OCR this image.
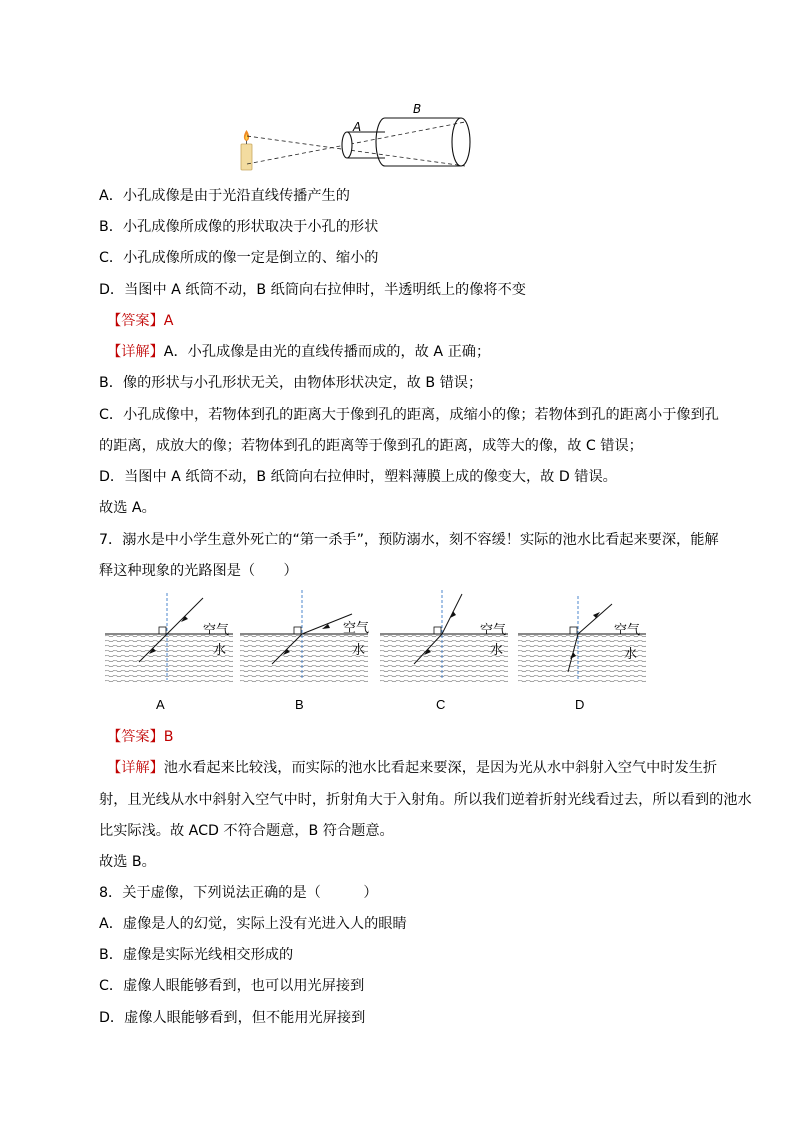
A
B
A．小孔成像是由于光沿直线传播产生的
B．小孔成像所成像的形状取决于小孔的形状
C．小孔成像所成的像一定是倒立的、缩小的
D．当图中 A 纸筒不动，B 纸筒向右拉伸时，半透明纸上的像将不变
【答案】A
【详解】A．小孔成像是由光的直线传播而成的，故 A 正确；
B．像的形状与小孔形状无关，由物体形状决定，故 B 错误；
C．小孔成像中，若物体到孔的距离大于像到孔的距离，成缩小的像；若物体到孔的距离小于像到孔
的距离，成放大的像；若物体到孔的距离等于像到孔的距离，成等大的像，故 C 错误；
D．当图中 A 纸筒不动，B 纸筒向右拉伸时，塑料薄膜上成的像变大，故 D 错误。
故选 A。
7．溺水是中小学生意外死亡的“第一杀手”，预防溺水，刻不容缓！实际的池水比看起来要深，能解
释这种现象的光路图是（　　）
空气
水
空气
水
空气
水
空气
水
A	B	C	D
【答案】B
【详解】池水看起来比较浅，而实际的池水比看起来要深，是因为光从水中斜射入空气中时发生折
射，且光线从水中斜射入空气中时，折射角大于入射角。所以我们逆着折射光线看过去，所以看到的池水
比实际浅。故 ACD 不符合题意，B 符合题意。
故选 B。
8．关于虚像，下列说法正确的是（　　　）
A．虚像是人的幻觉，实际上没有光进入人的眼睛
B．虚像是实际光线相交形成的
C．虚像人眼能够看到，也可以用光屏接到
D．虚像人眼能够看到，但不能用光屏接到
